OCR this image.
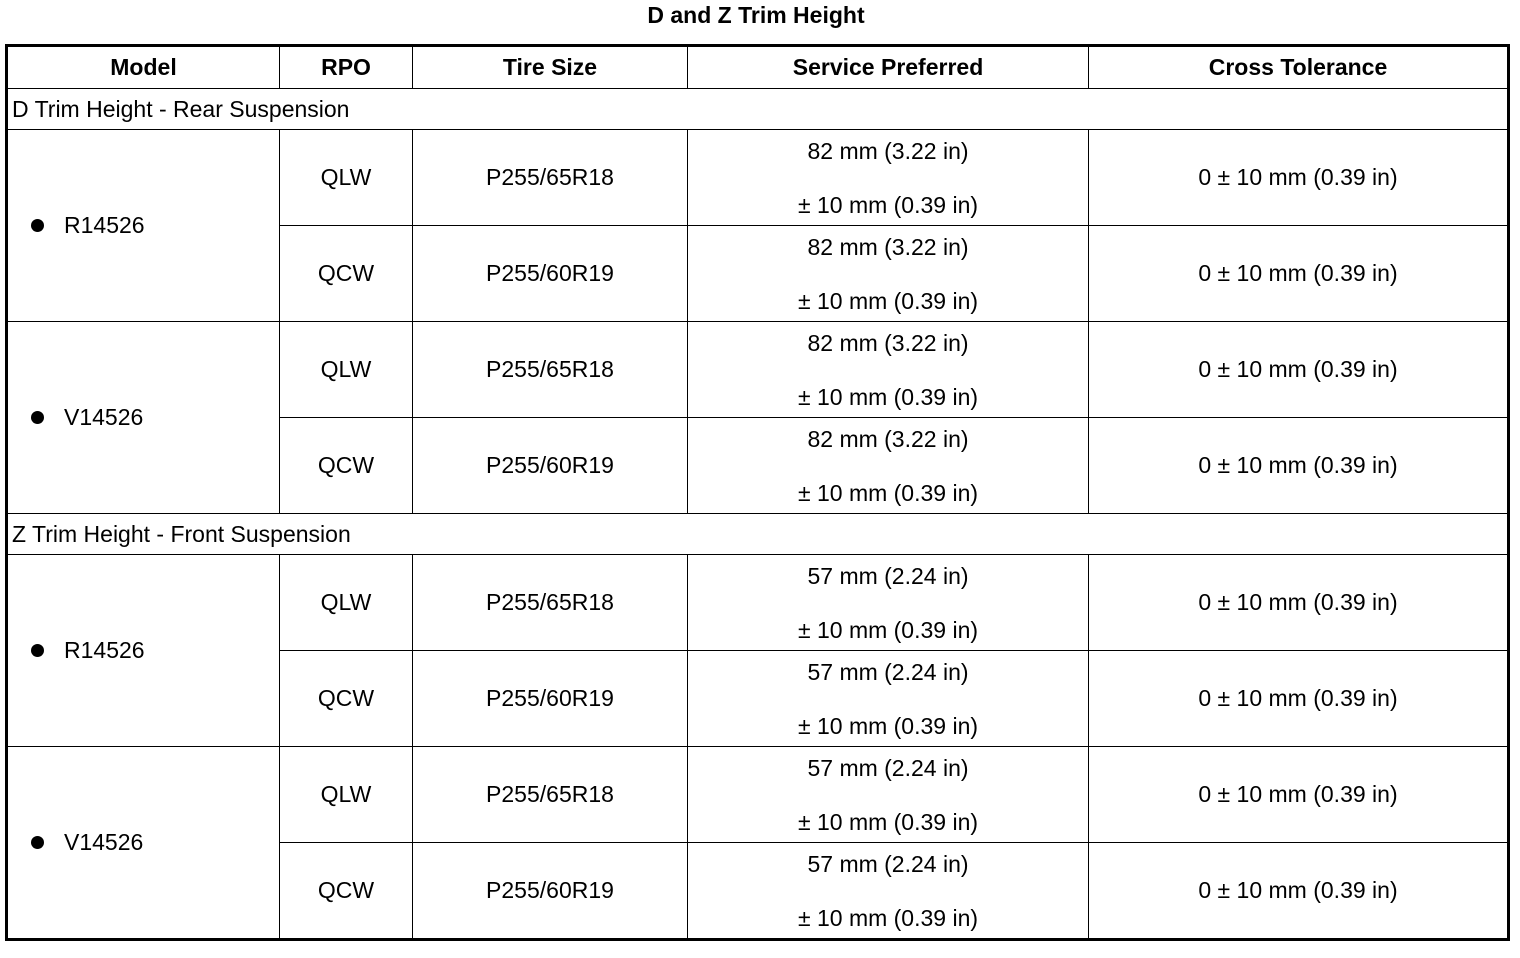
D and Z Trim Height
Model	RPO	Tire Size	Service Preferred	Cross Tolerance
D Trim Height - Rear Suspension				

R14526	QLW	P255/65R18	82 mm (3.22 in)
± 10 mm (0.39 in)	0 ± 10 mm (0.39 in)
	QCW	P255/60R19	82 mm (3.22 in)
± 10 mm (0.39 in)	0 ± 10 mm (0.39 in)

V14526	QLW	P255/65R18	82 mm (3.22 in)
± 10 mm (0.39 in)	0 ± 10 mm (0.39 in)
	QCW	P255/60R19	82 mm (3.22 in)
± 10 mm (0.39 in)	0 ± 10 mm (0.39 in)
Z Trim Height - Front Suspension				

R14526	QLW	P255/65R18	57 mm (2.24 in)
± 10 mm (0.39 in)	0 ± 10 mm (0.39 in)
	QCW	P255/60R19	57 mm (2.24 in)
± 10 mm (0.39 in)	0 ± 10 mm (0.39 in)

V14526	QLW	P255/65R18	57 mm (2.24 in)
± 10 mm (0.39 in)	0 ± 10 mm (0.39 in)
	QCW	P255/60R19	57 mm (2.24 in)
± 10 mm (0.39 in)	0 ± 10 mm (0.39 in)
